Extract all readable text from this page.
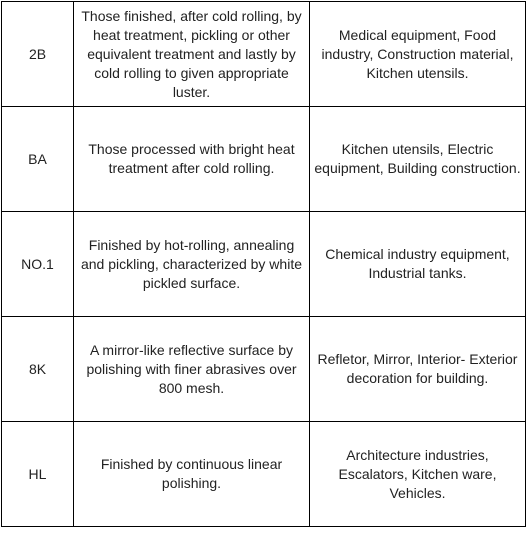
2B	Those finished, after cold rolling, by heat treatment, pickling or other equivalent treatment and lastly by cold rolling to given appropriate luster.	Medical equipment, Food industry, Construction material, Kitchen utensils.
BA	Those processed with bright heat treatment after cold rolling.	Kitchen utensils, Electric equipment, Building construction.
NO.1	Finished by hot-rolling, annealing and pickling, characterized by white pickled surface.	Chemical industry equipment, Industrial tanks.
8K	A mirror-like reflective surface by polishing with finer abrasives over 800 mesh.	Refletor, Mirror, Interior- Exterior decoration for building.
HL	Finished by continuous linear polishing.	Architecture industries, Escalators, Kitchen ware, Vehicles.
